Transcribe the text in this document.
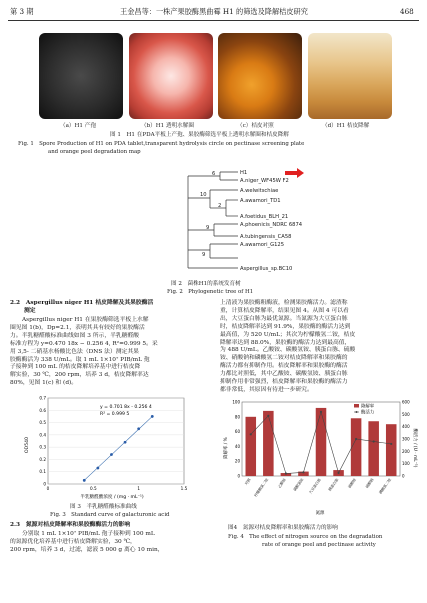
第 3 期	王金昌等：一株产果胶酶黑曲霉 H1 的筛选及降解桔皮研究	468
（a）H1 产孢	（b）H1 透明水解圈	（c）桔皮对照	（d）H1 桔皮降解
图 1　H1 在PDA平板上产孢、果胶酶筛选平板上透明水解圈和桔皮降解
Fig. 1　Spore Production of H1 on PDA tablet,transparent hydrolysis circle on pectinase screening plate
and orange peel degradation map
H1
A.niger_WF45W F2
A.welwitschiae
A.awamori_TD1
A.foetidus_BLH_21
A.phoenicis_NDRC 6874
A.tubingensis_CA58
A.awamori_G125
Aspergillus_sp.BC10
6
10
2
9
9
图 2　菌株H1的系统发育树
Fig. 2　Phylogenetic tree of H1
2.2　Aspergillus niger H1 桔皮降解及其果胶酶活
测定
Aspergillus niger H1 在果胶酶筛选平板上水解
圈见图 1(b)，Dp=2.1，表明其具有较好的果胶酶活
力。半乳糖醛酸标准曲线如图 3 所示，半乳糖醛酸
标准方程为 y=0.470 18x − 0.256 4, R²=0.999 5。采
用 3,5- 二硝基水杨酸比色法（DNS 法）测定其果
胶酶酶活为 338 U/mL。取 1 mL 1×10⁷ PIB/mL 孢
子接种到 100 mL 的桔皮降解培养基中进行桔皮降
解实验，30 ℃，200 rpm，培养 3 d，桔皮降解率达
80%，见图 1(c) 和 (d)。
0
0.1
0.2
0.3
0.4
0.5
0.6
0.7
0	0.5	1	1.5
半乳糖醛酸浓度 / (mg · mL⁻¹)
OD540
y = 0.701 8x - 0.256 4
R² = 0.999 5
图 3　半乳糖醛酸标准曲线
Fig. 3　Standard curve of galacturonic acid
2.3　氮源对桔皮降解率和果胶酶酶活力的影响
分别取 1 mL 1×10⁷ PIB/mL 孢子接种到 100 mL
的氮源优化培养基中进行桔皮降解实验，30 ℃，
200 rpm，培养 3 d，过滤，滤液 5 000 g 离心 10 min，
上清液为果胶酶粗酶液，检测果胶酶活力。滤渣称
重，计算桔皮降解率，结果见图 4。从图 4 可以看
出，大豆蛋白胨为最优氮源。当氮源为大豆蛋白胨
时，桔皮降解率达到 91.9%，果胶酶的酶活力达到
最高值，为 520 U/mL；其次为柠檬酸氢二铵，桔皮
降解率达到 88.0%，果胶酶的酶活力达到最高值，
为 488 U/mL。乙酸铵、碳酸氢铵、胰蛋白胨、硫酸
铵、硝酸钠和磷酸氢二铵对桔皮降解率和果胶酶的
酶活力都有抑制作用。桔皮降解率和果胶酶的酶活
力都比对照低，其中乙酸铵、碳酸氢铵、胰蛋白胨
抑制作用非常强烈，桔皮降解率和果胶酶的酶活力
都非常低，其原因有待进一步研究。
0
20
40
60
80
100
0
100
200
300
400
500
600
对照 柠檬酸氢二铵 乙酸铵 碳酸氢铵 大豆蛋白胨 胰蛋白胨 硫酸铵 硝酸钠 磷酸氢二铵
降解率
酶活力
降解率 / %	酶活力 / (U · mL⁻¹)
氮源
图4　氮源对桔皮降解率和果胶酶活力的影响
Fig. 4　The effect of nitrogen source on the degradation
rate of orange peel and pectinase activity
